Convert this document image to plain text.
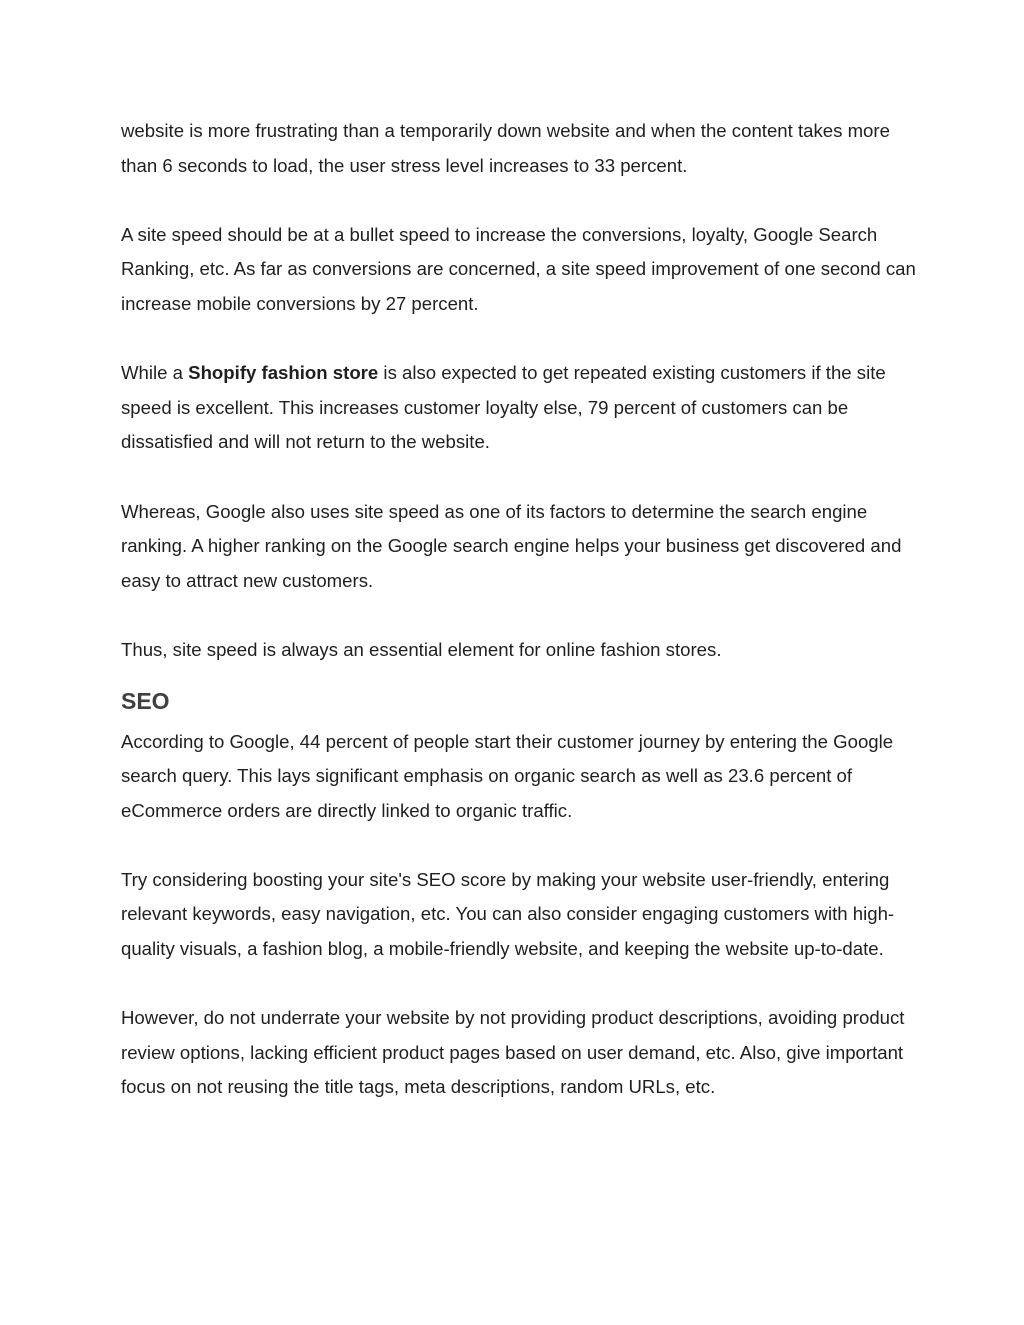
website is more frustrating than a temporarily down website and when the content takes more than 6 seconds to load, the user stress level increases to 33 percent.

A site speed should be at a bullet speed to increase the conversions, loyalty, Google Search Ranking, etc. As far as conversions are concerned, a site speed improvement of one second can increase mobile conversions by 27 percent.

While a Shopify fashion store is also expected to get repeated existing customers if the site speed is excellent. This increases customer loyalty else, 79 percent of customers can be dissatisfied and will not return to the website.

Whereas, Google also uses site speed as one of its factors to determine the search engine ranking. A higher ranking on the Google search engine helps your business get discovered and easy to attract new customers.

Thus, site speed is always an essential element for online fashion stores.

SEO

According to Google, 44 percent of people start their customer journey by entering the Google search query. This lays significant emphasis on organic search as well as 23.6 percent of eCommerce orders are directly linked to organic traffic.

Try considering boosting your site's SEO score by making your website user-friendly, entering relevant keywords, easy navigation, etc. You can also consider engaging customers with high-quality visuals, a fashion blog, a mobile-friendly website, and keeping the website up-to-date.

However, do not underrate your website by not providing product descriptions, avoiding product review options, lacking efficient product pages based on user demand, etc. Also, give important focus on not reusing the title tags, meta descriptions, random URLs, etc.
